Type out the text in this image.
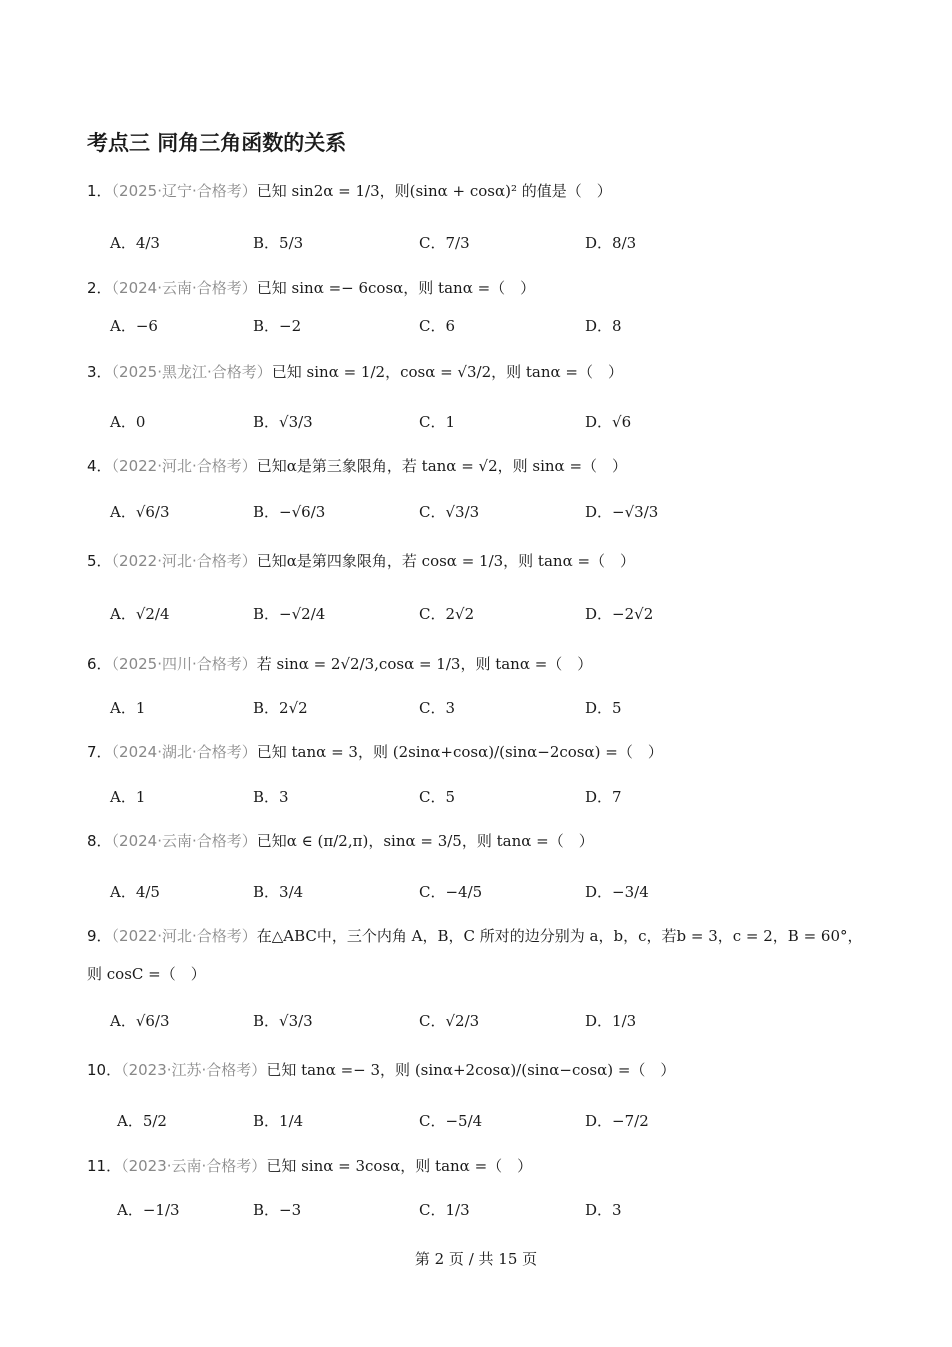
考点三 同角三角函数的关系
1．（2025·辽宁·合格考）已知 sin2α = 1/3，则(sinα + cosα)² 的值是（　）
A．4/3	B．5/3	C．7/3	D．8/3
2．（2024·云南·合格考）已知 sinα =− 6cosα，则 tanα =（　）
A．−6	B．−2	C．6	D．8
3．（2025·黑龙江·合格考）已知 sinα = 1/2，cosα = √3/2，则 tanα =（　）
A．0	B．√3/3	C．1	D．√6
4．（2022·河北·合格考）已知α是第三象限角，若 tanα = √2，则 sinα =（　）
A．√6/3	B．−√6/3	C．√3/3	D．−√3/3
5．（2022·河北·合格考）已知α是第四象限角，若 cosα = 1/3，则 tanα =（　）
A．√2/4	B．−√2/4	C．2√2	D．−2√2
6．（2025·四川·合格考）若 sinα = 2√2/3,cosα = 1/3，则 tanα =（　）
A．1	B．2√2	C．3	D．5
7．（2024·湖北·合格考）已知 tanα = 3，则 (2sinα+cosα)/(sinα−2cosα) =（　）
A．1	B．3	C．5	D．7
8．（2024·云南·合格考）已知α ∈ (π/2,π)，sinα = 3/5，则 tanα =（　）
A．4/5	B．3/4	C．−4/5	D．−3/4
9．（2022·河北·合格考）在△ABC中，三个内角 A，B，C 所对的边分别为 a，b，c，若b = 3，c = 2，B = 60°，
则 cosC =（　）
A．√6/3	B．√3/3	C．√2/3	D．1/3
10．（2023·江苏·合格考）已知 tanα =− 3，则 (sinα+2cosα)/(sinα−cosα) =（　）
A．5/2	B．1/4	C．−5/4	D．−7/2
11．（2023·云南·合格考）已知 sinα = 3cosα，则 tanα =（　）
A．−1/3	B．−3	C．1/3	D．3
第 2 页 / 共 15 页
